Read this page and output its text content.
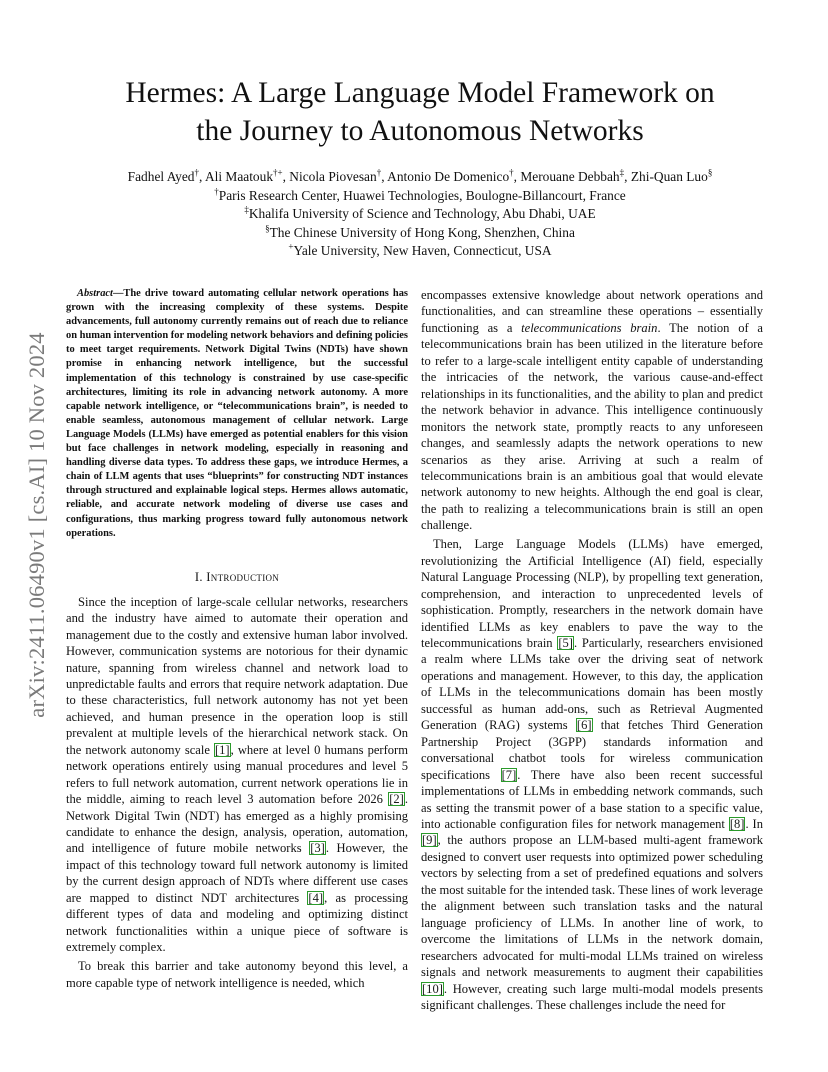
arXiv:2411.06490v1 [cs.AI] 10 Nov 2024
Hermes: A Large Language Model Framework on
the Journey to Autonomous Networks
Fadhel Ayed†, Ali Maatouk†+, Nicola Piovesan†, Antonio De Domenico†, Merouane Debbah‡, Zhi-Quan Luo§
†Paris Research Center, Huawei Technologies, Boulogne-Billancourt, France
‡Khalifa University of Science and Technology, Abu Dhabi, UAE
§The Chinese University of Hong Kong, Shenzhen, China
+Yale University, New Haven, Connecticut, USA

Abstract—The drive toward automating cellular network operations has grown with the increasing complexity of these systems. Despite advancements, full autonomy currently remains out of reach due to reliance on human intervention for modeling network behaviors and defining policies to meet target requirements. Network Digital Twins (NDTs) have shown promise in enhancing network intelligence, but the successful implementation of this technology is constrained by use case-specific architectures, limiting its role in advancing network autonomy. A more capable network intelligence, or “telecommunications brain”, is needed to enable seamless, autonomous management of cellular network. Large Language Models (LLMs) have emerged as potential enablers for this vision but face challenges in network modeling, especially in reasoning and handling diverse data types. To address these gaps, we introduce Hermes, a chain of LLM agents that uses “blueprints” for constructing NDT instances through structured and explainable logical steps. Hermes allows automatic, reliable, and accurate network modeling of diverse use cases and configurations, thus marking progress toward fully autonomous network operations.

I. Introduction

Since the inception of large-scale cellular networks, researchers and the industry have aimed to automate their operation and management due to the costly and extensive human labor involved. However, communication systems are notorious for their dynamic nature, spanning from wireless channel and network load to unpredictable faults and errors that require network adaptation. Due to these characteristics, full network autonomy has not yet been achieved, and human presence in the operation loop is still prevalent at multiple levels of the hierarchical network stack. On the network autonomy scale [1], where at level 0 humans perform network operations entirely using manual procedures and level 5 refers to full network automation, current network operations lie in the middle, aiming to reach level 3 automation before 2026 [2]. Network Digital Twin (NDT) has emerged as a highly promising candidate to enhance the design, analysis, operation, automation, and intelligence of future mobile networks [3]. However, the impact of this technology toward full network autonomy is limited by the current design approach of NDTs where different use cases are mapped to distinct NDT architectures [4], as processing different types of data and modeling and optimizing distinct network functionalities within a unique piece of software is extremely complex.

To break this barrier and take autonomy beyond this level, a more capable type of network intelligence is needed, which

encompasses extensive knowledge about network operations and functionalities, and can streamline these operations – essentially functioning as a telecommunications brain. The notion of a telecommunications brain has been utilized in the literature before to refer to a large-scale intelligent entity capable of understanding the intricacies of the network, the various cause-and-effect relationships in its functionalities, and the ability to plan and predict the network behavior in advance. This intelligence continuously monitors the network state, promptly reacts to any unforeseen changes, and seamlessly adapts the network operations to new scenarios as they arise. Arriving at such a realm of telecommunications brain is an ambitious goal that would elevate network autonomy to new heights. Although the end goal is clear, the path to realizing a telecommunications brain is still an open challenge.

Then, Large Language Models (LLMs) have emerged, revolutionizing the Artificial Intelligence (AI) field, especially Natural Language Processing (NLP), by propelling text generation, comprehension, and interaction to unprecedented levels of sophistication. Promptly, researchers in the network domain have identified LLMs as key enablers to pave the way to the telecommunications brain [5]. Particularly, researchers envisioned a realm where LLMs take over the driving seat of network operations and management. However, to this day, the application of LLMs in the telecommunications domain has been mostly successful as human add-ons, such as Retrieval Augmented Generation (RAG) systems [6] that fetches Third Generation Partnership Project (3GPP) standards information and conversational chatbot tools for wireless communication specifications [7]. There have also been recent successful implementations of LLMs in embedding network commands, such as setting the transmit power of a base station to a specific value, into actionable configuration files for network management [8]. In [9], the authors propose an LLM-based multi-agent framework designed to convert user requests into optimized power scheduling vectors by selecting from a set of predefined equations and solvers the most suitable for the intended task. These lines of work leverage the alignment between such translation tasks and the natural language proficiency of LLMs. In another line of work, to overcome the limitations of LLMs in the network domain, researchers advocated for multi-modal LLMs trained on wireless signals and network measurements to augment their capabilities [10]. However, creating such large multi-modal models presents significant challenges. These challenges include the need for
